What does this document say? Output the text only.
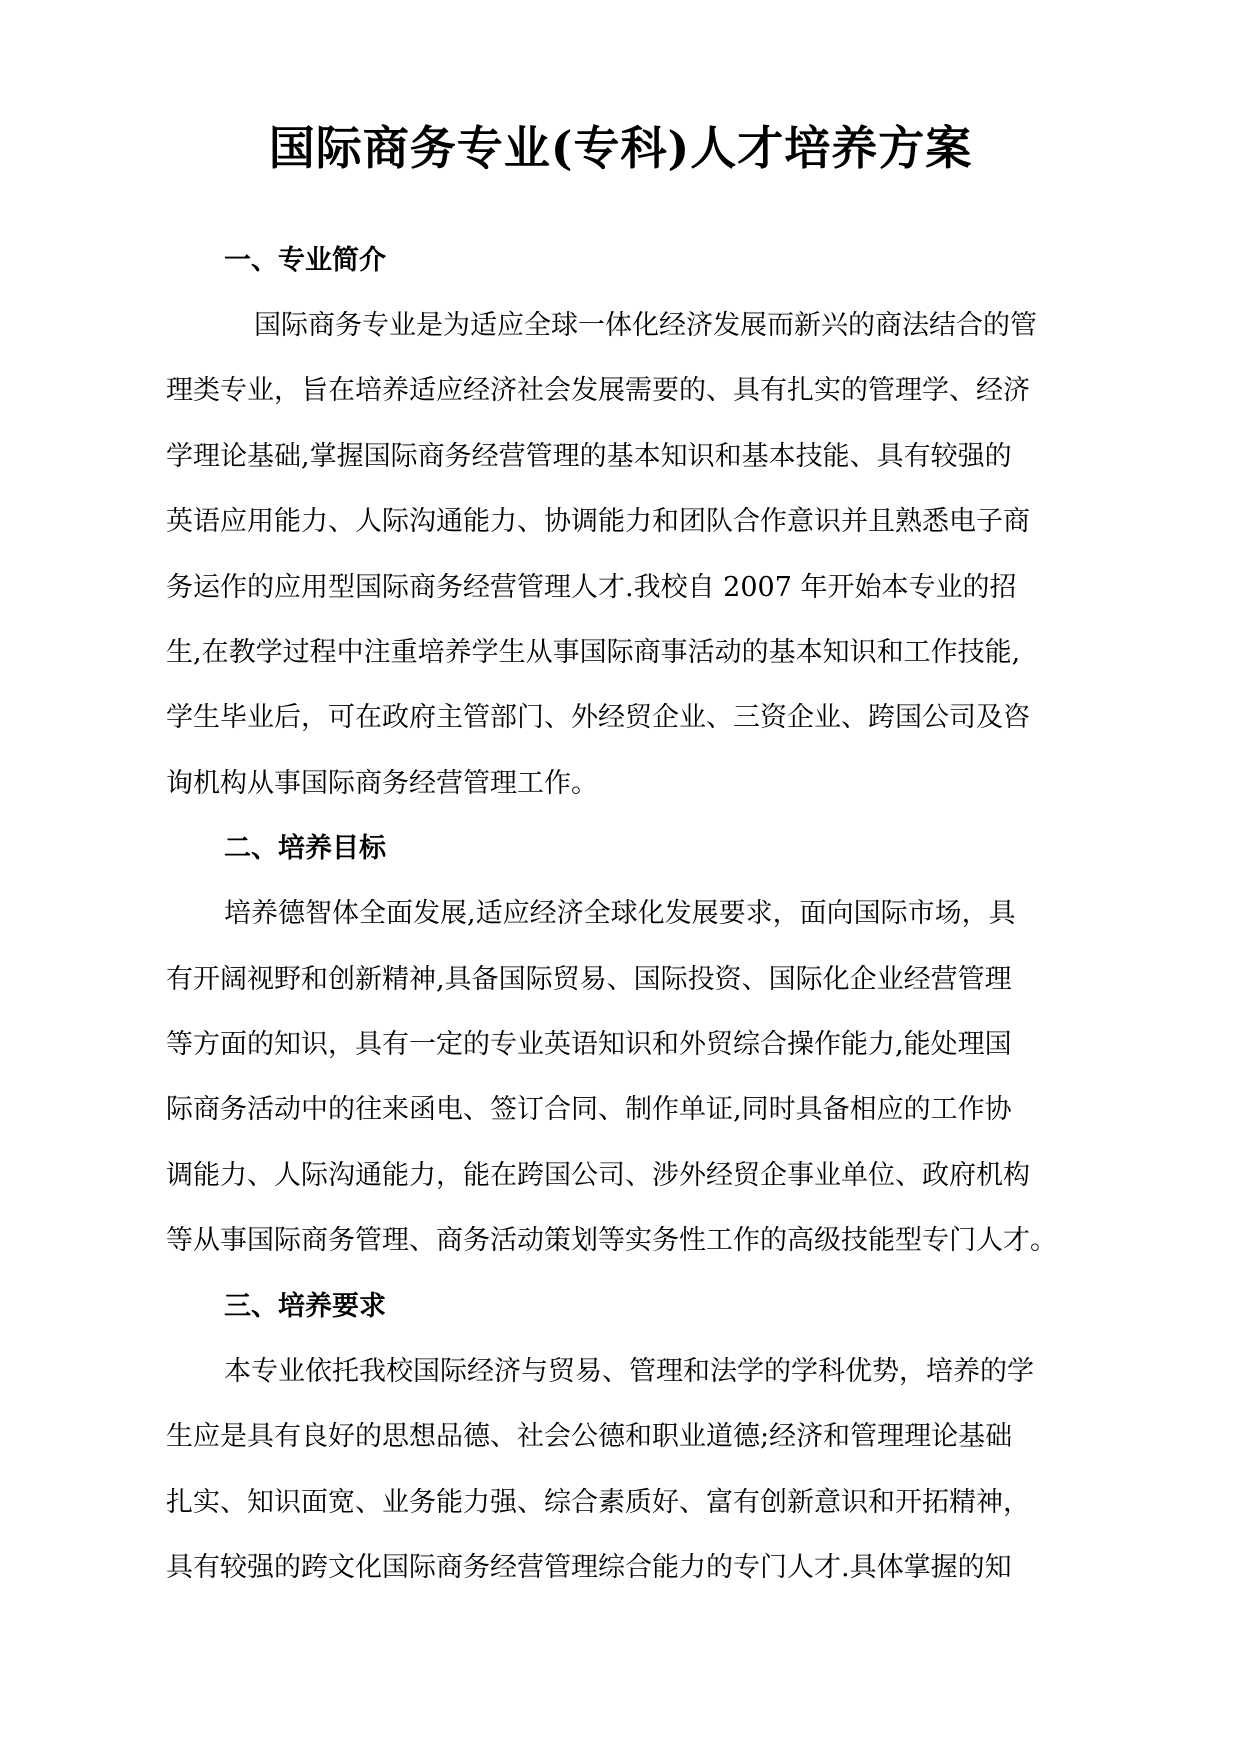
国际商务专业(专科)人才培养方案
一、专业简介

国际商务专业是为适应全球一体化经济发展而新兴的商法结合的管
理类专业，旨在培养适应经济社会发展需要的、具有扎实的管理学、经济
学理论基础,掌握国际商务经营管理的基本知识和基本技能、具有较强的
英语应用能力、人际沟通能力、协调能力和团队合作意识并且熟悉电子商
务运作的应用型国际商务经营管理人才.我校自 2007 年开始本专业的招
生,在教学过程中注重培养学生从事国际商事活动的基本知识和工作技能,
学生毕业后，可在政府主管部门、外经贸企业、三资企业、跨国公司及咨
询机构从事国际商务经营管理工作。

二、培养目标

培养德智体全面发展,适应经济全球化发展要求，面向国际市场，具
有开阔视野和创新精神,具备国际贸易、国际投资、国际化企业经营管理
等方面的知识，具有一定的专业英语知识和外贸综合操作能力,能处理国
际商务活动中的往来函电、签订合同、制作单证,同时具备相应的工作协
调能力、人际沟通能力，能在跨国公司、涉外经贸企事业单位、政府机构
等从事国际商务管理、商务活动策划等实务性工作的高级技能型专门人才。

三、培养要求

本专业依托我校国际经济与贸易、管理和法学的学科优势，培养的学
生应是具有良好的思想品德、社会公德和职业道德;经济和管理理论基础
扎实、知识面宽、业务能力强、综合素质好、富有创新意识和开拓精神，
具有较强的跨文化国际商务经营管理综合能力的专门人才.具体掌握的知
